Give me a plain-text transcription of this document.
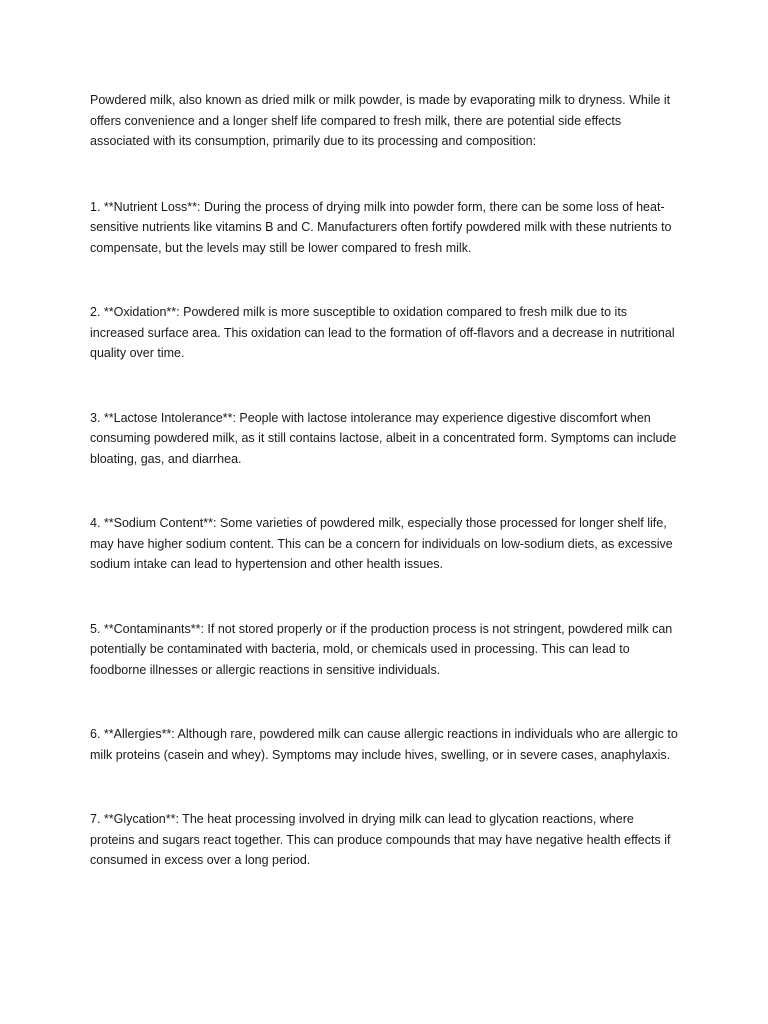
Powdered milk, also known as dried milk or milk powder, is made by evaporating milk to dryness. While it offers convenience and a longer shelf life compared to fresh milk, there are potential side effects associated with its consumption, primarily due to its processing and composition:

1. **Nutrient Loss**: During the process of drying milk into powder form, there can be some loss of heat-sensitive nutrients like vitamins B and C. Manufacturers often fortify powdered milk with these nutrients to compensate, but the levels may still be lower compared to fresh milk.

2. **Oxidation**: Powdered milk is more susceptible to oxidation compared to fresh milk due to its increased surface area. This oxidation can lead to the formation of off-flavors and a decrease in nutritional quality over time.

3. **Lactose Intolerance**: People with lactose intolerance may experience digestive discomfort when consuming powdered milk, as it still contains lactose, albeit in a concentrated form. Symptoms can include bloating, gas, and diarrhea.

4. **Sodium Content**: Some varieties of powdered milk, especially those processed for longer shelf life, may have higher sodium content. This can be a concern for individuals on low-sodium diets, as excessive sodium intake can lead to hypertension and other health issues.

5. **Contaminants**: If not stored properly or if the production process is not stringent, powdered milk can potentially be contaminated with bacteria, mold, or chemicals used in processing. This can lead to foodborne illnesses or allergic reactions in sensitive individuals.

6. **Allergies**: Although rare, powdered milk can cause allergic reactions in individuals who are allergic to milk proteins (casein and whey). Symptoms may include hives, swelling, or in severe cases, anaphylaxis.

7. **Glycation**: The heat processing involved in drying milk can lead to glycation reactions, where proteins and sugars react together. This can produce compounds that may have negative health effects if consumed in excess over a long period.
